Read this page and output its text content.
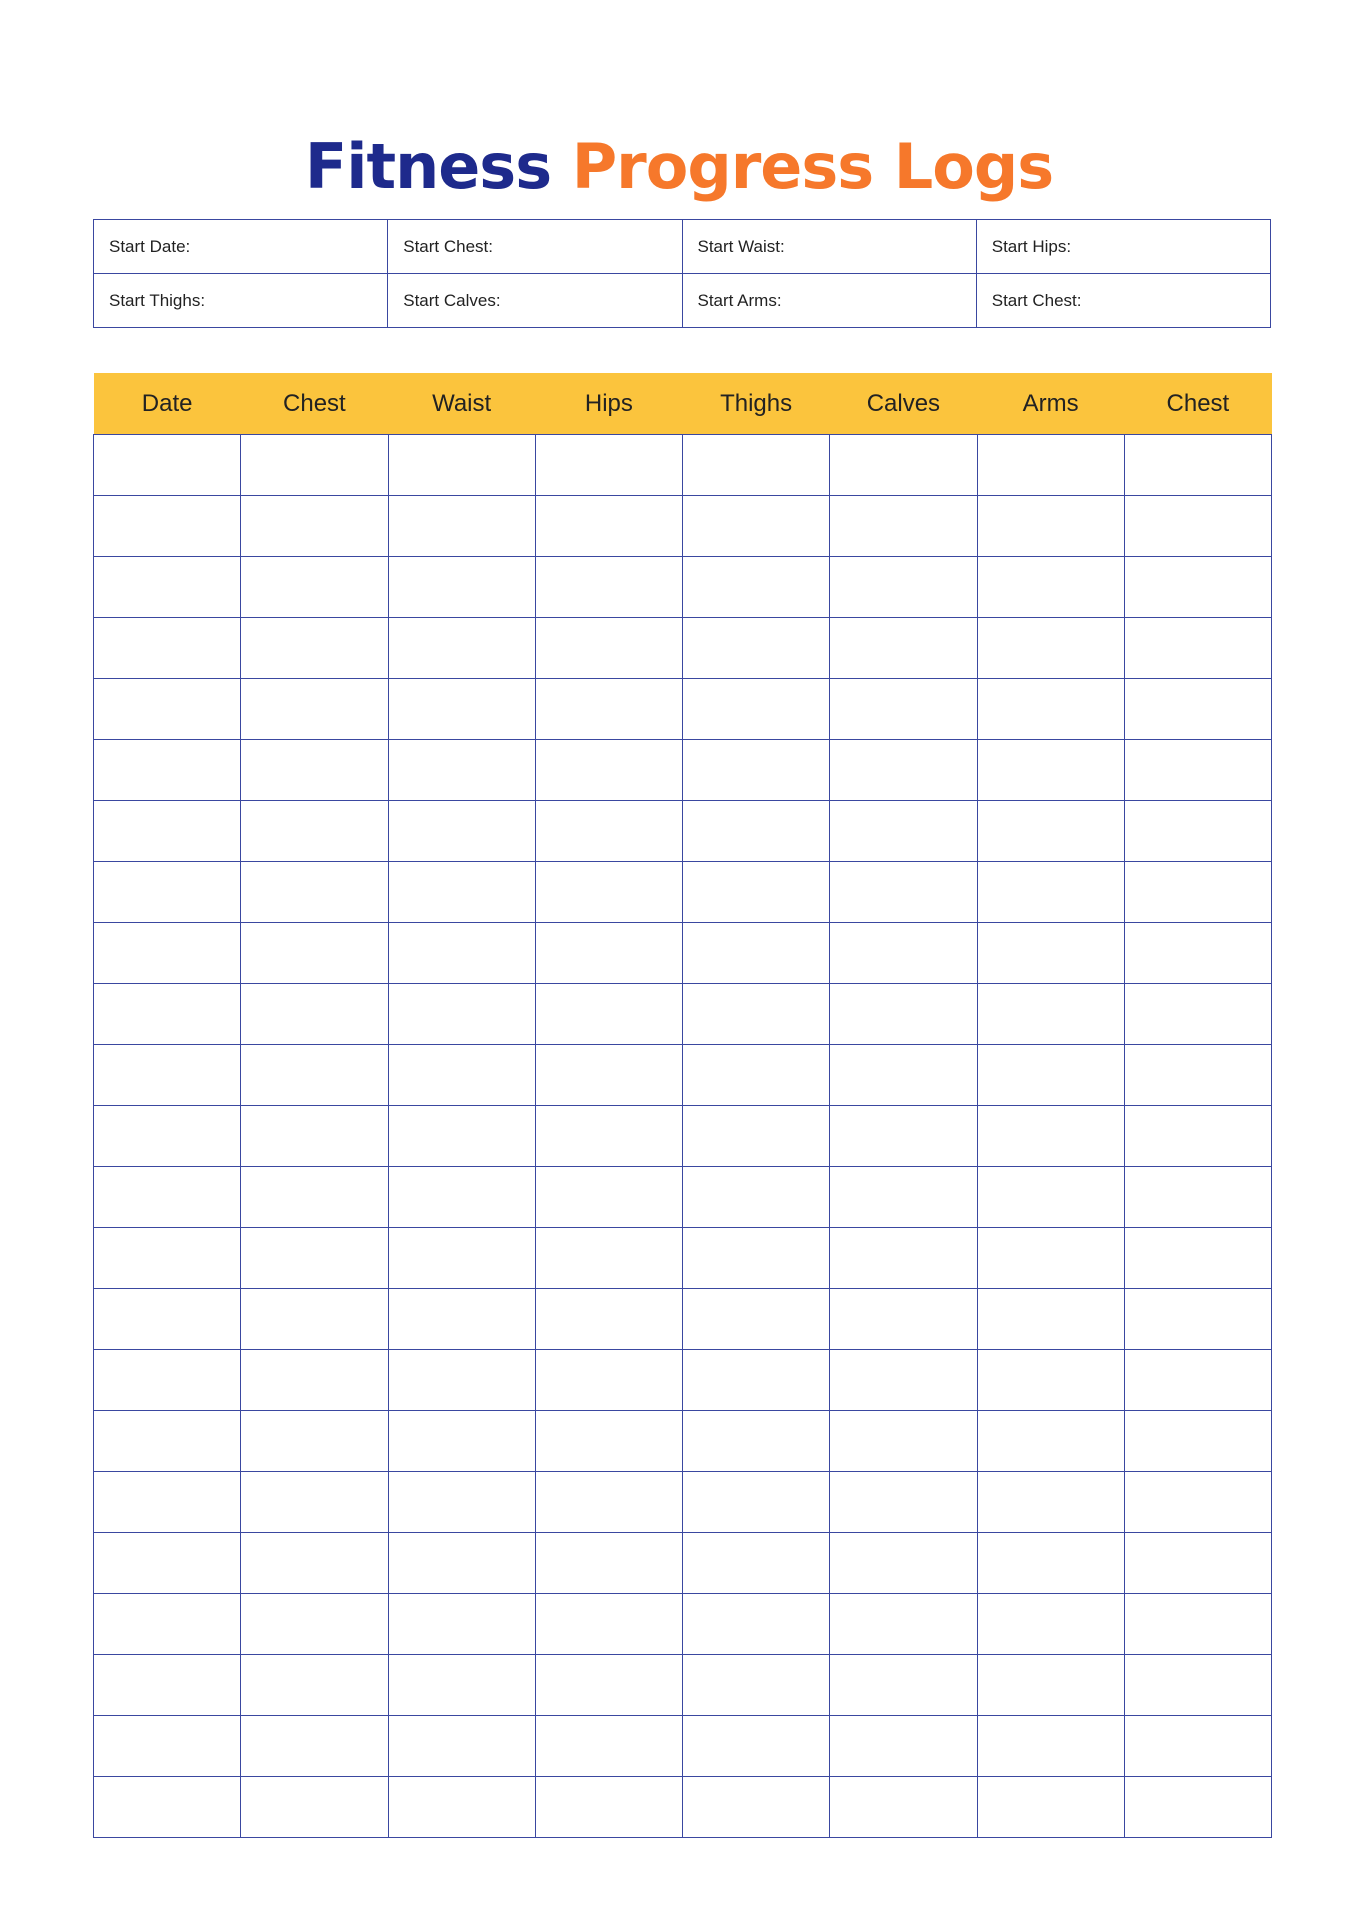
Fitness Progress Logs
Start Date:	Start Chest:	Start Waist:	Start Hips:
Start Thighs:	Start Calves:	Start Arms:	Start Chest:
Date	Chest	Waist	Hips	Thighs	Calves	Arms	Chest
